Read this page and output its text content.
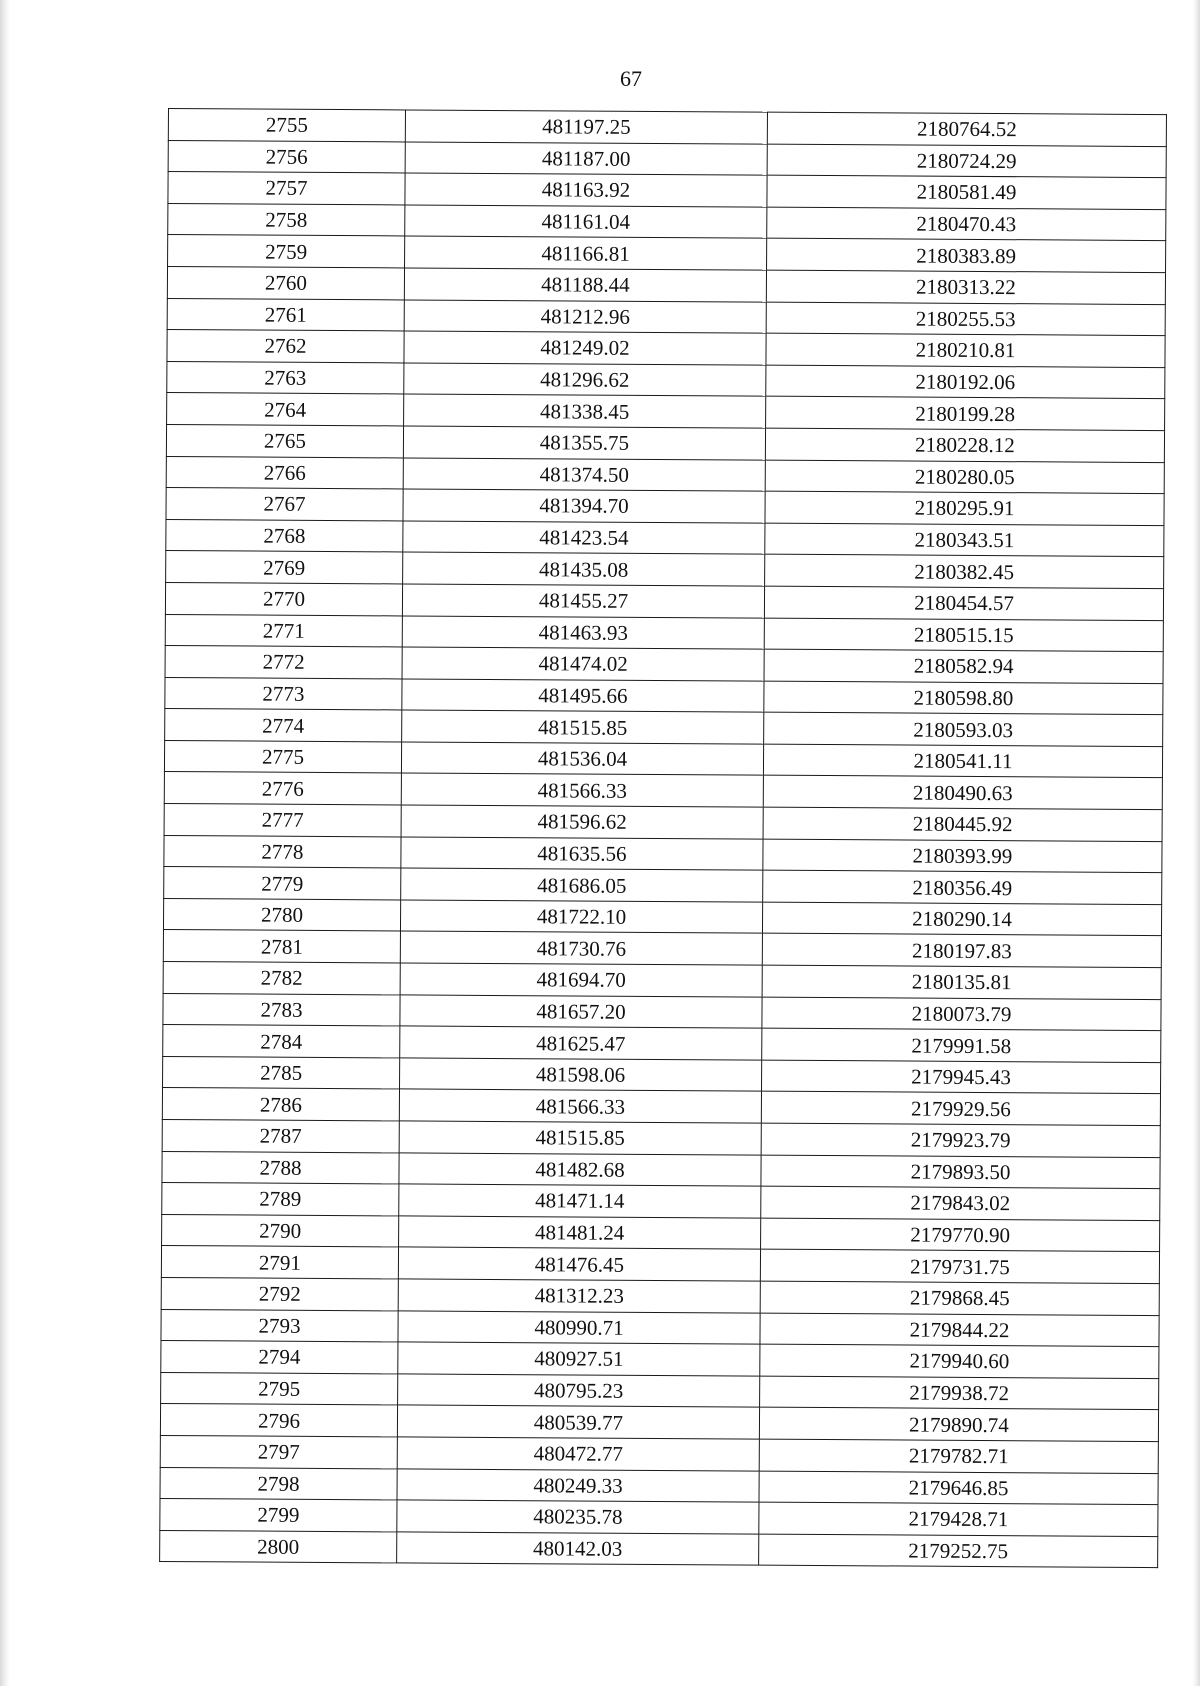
67
2755	481197.25	2180764.52
2756	481187.00	2180724.29
2757	481163.92	2180581.49
2758	481161.04	2180470.43
2759	481166.81	2180383.89
2760	481188.44	2180313.22
2761	481212.96	2180255.53
2762	481249.02	2180210.81
2763	481296.62	2180192.06
2764	481338.45	2180199.28
2765	481355.75	2180228.12
2766	481374.50	2180280.05
2767	481394.70	2180295.91
2768	481423.54	2180343.51
2769	481435.08	2180382.45
2770	481455.27	2180454.57
2771	481463.93	2180515.15
2772	481474.02	2180582.94
2773	481495.66	2180598.80
2774	481515.85	2180593.03
2775	481536.04	2180541.11
2776	481566.33	2180490.63
2777	481596.62	2180445.92
2778	481635.56	2180393.99
2779	481686.05	2180356.49
2780	481722.10	2180290.14
2781	481730.76	2180197.83
2782	481694.70	2180135.81
2783	481657.20	2180073.79
2784	481625.47	2179991.58
2785	481598.06	2179945.43
2786	481566.33	2179929.56
2787	481515.85	2179923.79
2788	481482.68	2179893.50
2789	481471.14	2179843.02
2790	481481.24	2179770.90
2791	481476.45	2179731.75
2792	481312.23	2179868.45
2793	480990.71	2179844.22
2794	480927.51	2179940.60
2795	480795.23	2179938.72
2796	480539.77	2179890.74
2797	480472.77	2179782.71
2798	480249.33	2179646.85
2799	480235.78	2179428.71
2800	480142.03	2179252.75
